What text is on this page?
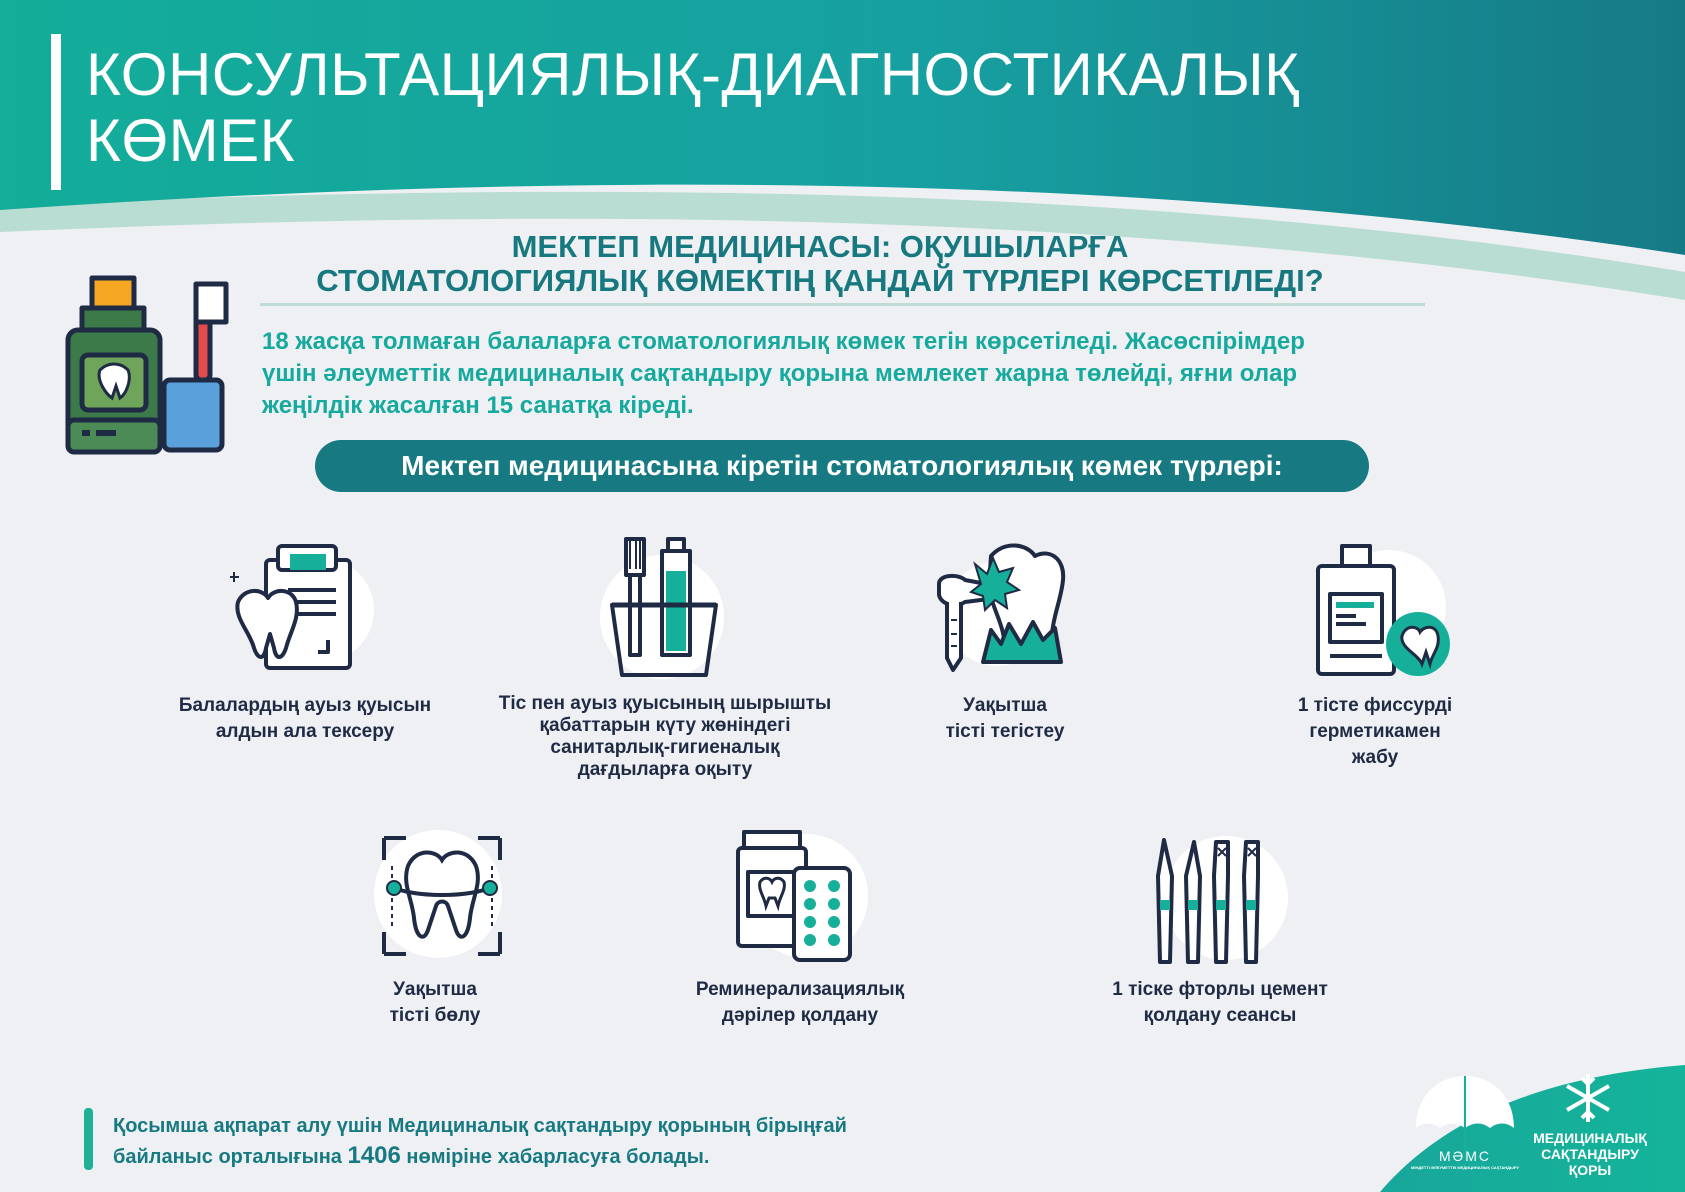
КОНСУЛЬТАЦИЯЛЫҚ-ДИАГНОСТИКАЛЫҚ
КӨМЕК
МЕКТЕП МЕДИЦИНАСЫ: ОҚУШЫЛАРҒА
СТОМАТОЛОГИЯЛЫҚ КӨМЕКТІҢ ҚАНДАЙ ТҮРЛЕРІ КӨРСЕТІЛЕДІ?

18 жасқа толмаған балаларға стоматологиялық көмек тегін көрсетіледі. Жасөспірімдер
үшін әлеуметтік медициналық сақтандыру қорына мемлекет жарна төлейді, яғни олар
жеңілдік жасалған 15 санатқа кіреді.

Мектеп медицинасына кіретін стоматологиялық көмек түрлері:
Балалардың ауыз қуысын
алдын ала тексеру
Тіс пен ауыз қуысының шырышты
қабаттарын күту жөніндегі
санитарлық-гигиеналық
дағдыларға оқыту
Уақытша
тісті тегістеу
1 тісте фиссурді
герметикамен
жабу
Уақытша
тісті бөлу
Реминерализациялық
дәрілер қолдану
1 тіске фторлы цемент
қолдану сеансы
Қосымша ақпарат алу үшін Медициналық сақтандыру қорының бірыңғай
байланыс орталығына 1406 нөміріне хабарласуға болады.	МӘМС
МІНДЕТТІ ӘЛЕУМЕТТІК МЕДИЦИНАЛЫҚ САҚТАНДЫРУ
МЕДИЦИНАЛЫҚ
САҚТАНДЫРУ
ҚОРЫ
